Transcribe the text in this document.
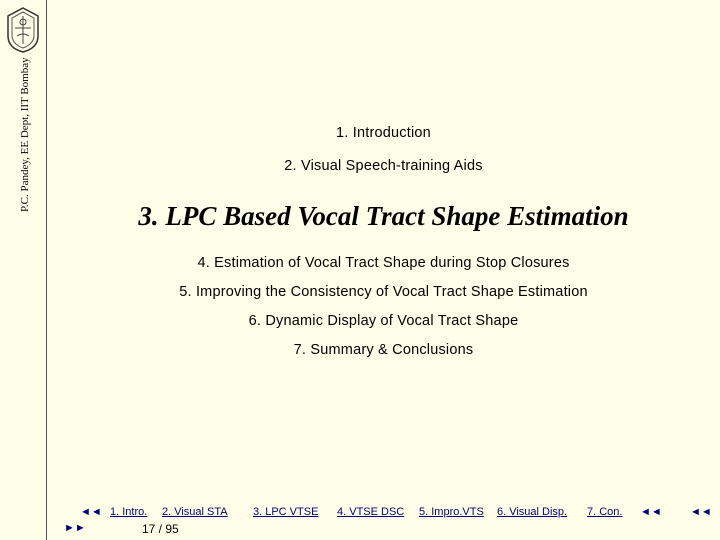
P.C. Pandey, EE Dept, IIT Bombay	1. Introduction
2. Visual Speech-training Aids
3. LPC Based Vocal Tract Shape Estimation
4. Estimation of Vocal Tract Shape during Stop Closures
5. Improving the Consistency of Vocal Tract Shape Estimation
6. Dynamic Display of Vocal Tract Shape
7. Summary & Conclusions
◄◄
►►
1. Intro. 2. Visual STA 3. LPC VTSE 4. VTSE DSC 5. Impro.VTS 6. Visual Disp. 7. Con. ◄◄	◄◄
17 / 95
